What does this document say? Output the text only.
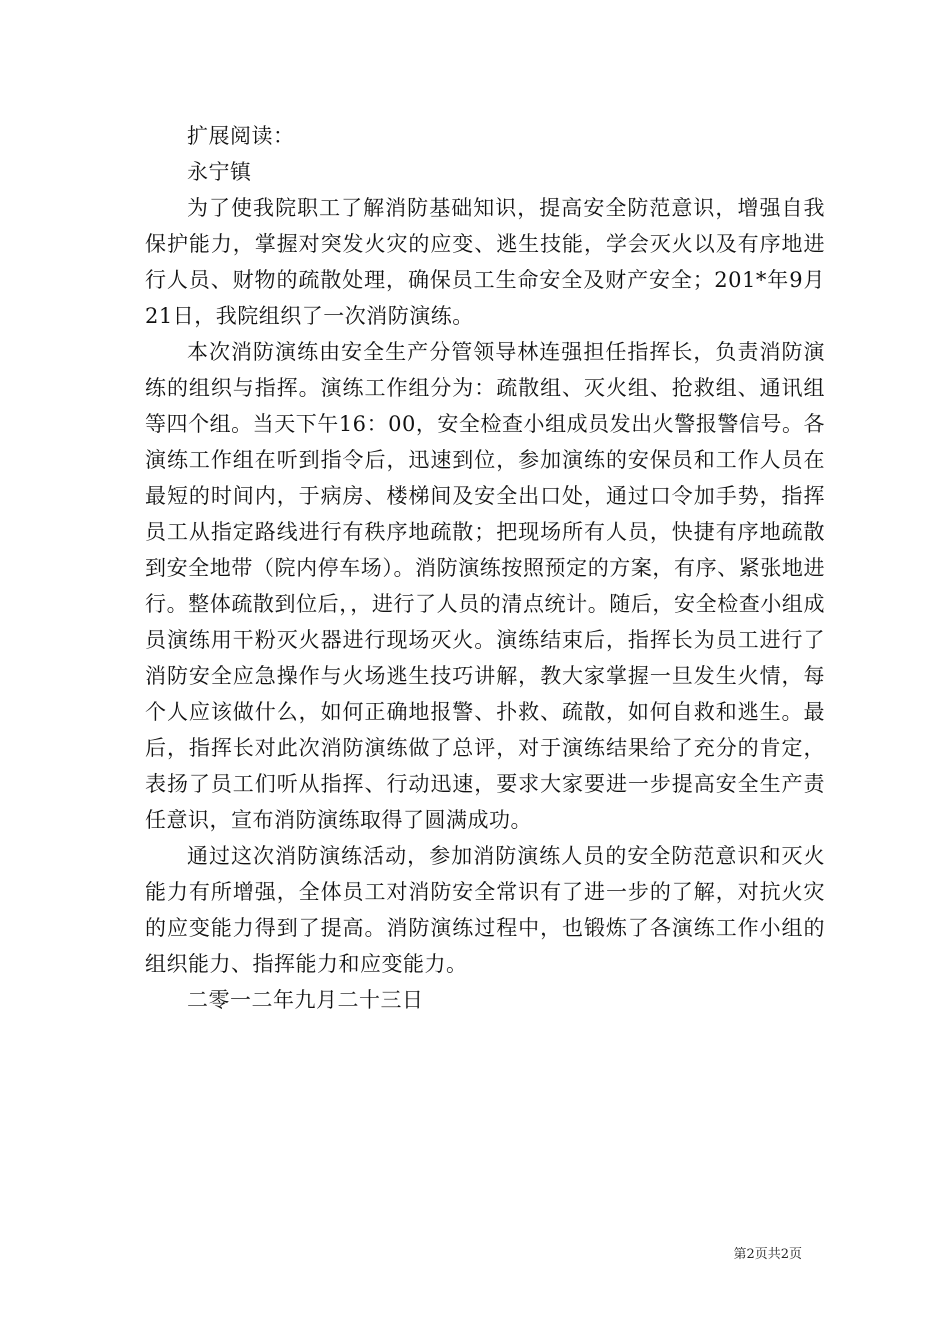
扩展阅读：

永宁镇

为了使我院职工了解消防基础知识，提高安全防范意识，增强自我保护能力，掌握对突发火灾的应变、逃生技能，学会灭火以及有序地进行人员、财物的疏散处理，确保员工生命安全及财产安全；201*年9月21日，我院组织了一次消防演练。

本次消防演练由安全生产分管领导林连强担任指挥长，负责消防演练的组织与指挥。演练工作组分为：疏散组、灭火组、抢救组、通讯组等四个组。当天下午16：00，安全检查小组成员发出火警报警信号。各演练工作组在听到指令后，迅速到位，参加演练的安保员和工作人员在最短的时间内，于病房、楼梯间及安全出口处，通过口令加手势，指挥员工从指定路线进行有秩序地疏散；把现场所有人员，快捷有序地疏散到安全地带（院内停车场）。消防演练按照预定的方案，有序、紧张地进行。整体疏散到位后，，进行了人员的清点统计。随后，安全检查小组成员演练用干粉灭火器进行现场灭火。演练结束后，指挥长为员工进行了消防安全应急操作与火场逃生技巧讲解，教大家掌握一旦发生火情，每个人应该做什么，如何正确地报警、扑救、疏散，如何自救和逃生。最后，指挥长对此次消防演练做了总评，对于演练结果给了充分的肯定，表扬了员工们听从指挥、行动迅速，要求大家要进一步提高安全生产责任意识，宣布消防演练取得了圆满成功。

通过这次消防演练活动，参加消防演练人员的安全防范意识和灭火能力有所增强，全体员工对消防安全常识有了进一步的了解，对抗火灾的应变能力得到了提高。消防演练过程中，也锻炼了各演练工作小组的组织能力、指挥能力和应变能力。

二零一二年九月二十三日

第2页共2页
